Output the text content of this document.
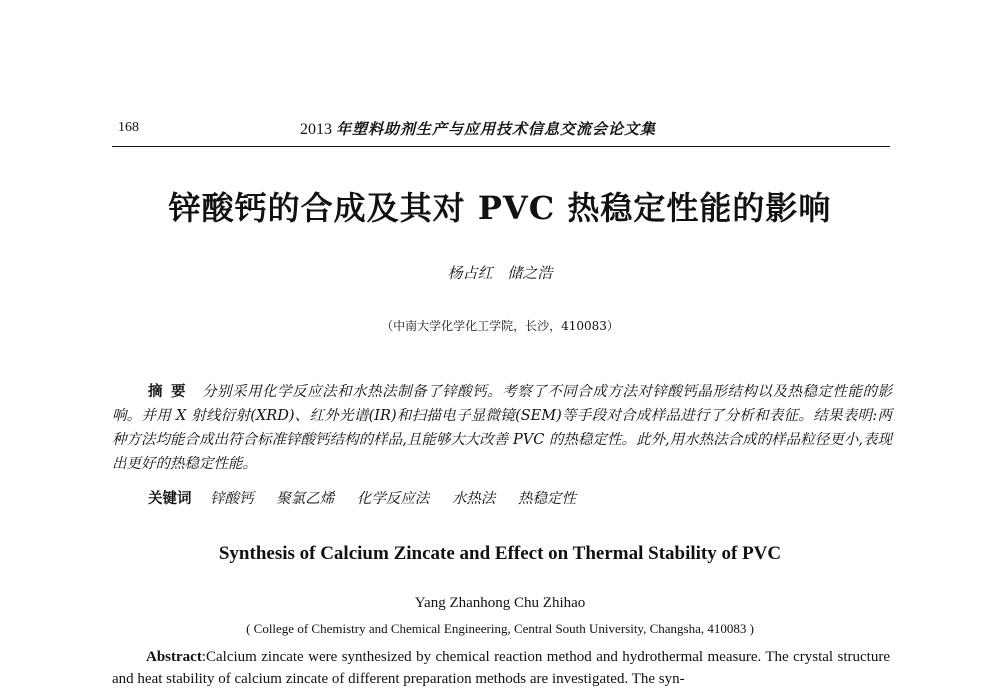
168	2013 年塑料助剂生产与应用技术信息交流会论文集
锌酸钙的合成及其对 PVC 热稳定性能的影响
杨占红 储之浩
（中南大学化学化工学院，长沙，410083）
摘要 分别采用化学反应法和水热法制备了锌酸钙。考察了不同合成方法对锌酸钙晶形结构以及热稳定性能的影响。并用 X 射线衍射(XRD)、红外光谱(IR)和扫描电子显微镜(SEM)等手段对合成样品进行了分析和表征。结果表明:两种方法均能合成出符合标准锌酸钙结构的样品,且能够大大改善 PVC 的热稳定性。此外,用水热法合成的样品粒径更小,表现出更好的热稳定性能。
关键词 锌酸钙 聚氯乙烯 化学反应法 水热法 热稳定性
Synthesis of Calcium Zincate and Effect on Thermal Stability of PVC
Yang Zhanhong Chu Zhihao
( College of Chemistry and Chemical Engineering, Central South University, Changsha, 410083 )
Abstract:Calcium zincate were synthesized by chemical reaction method and hydrothermal measure. The crystal structure and heat stability of calcium zincate of different preparation methods are investigated. The syn-
